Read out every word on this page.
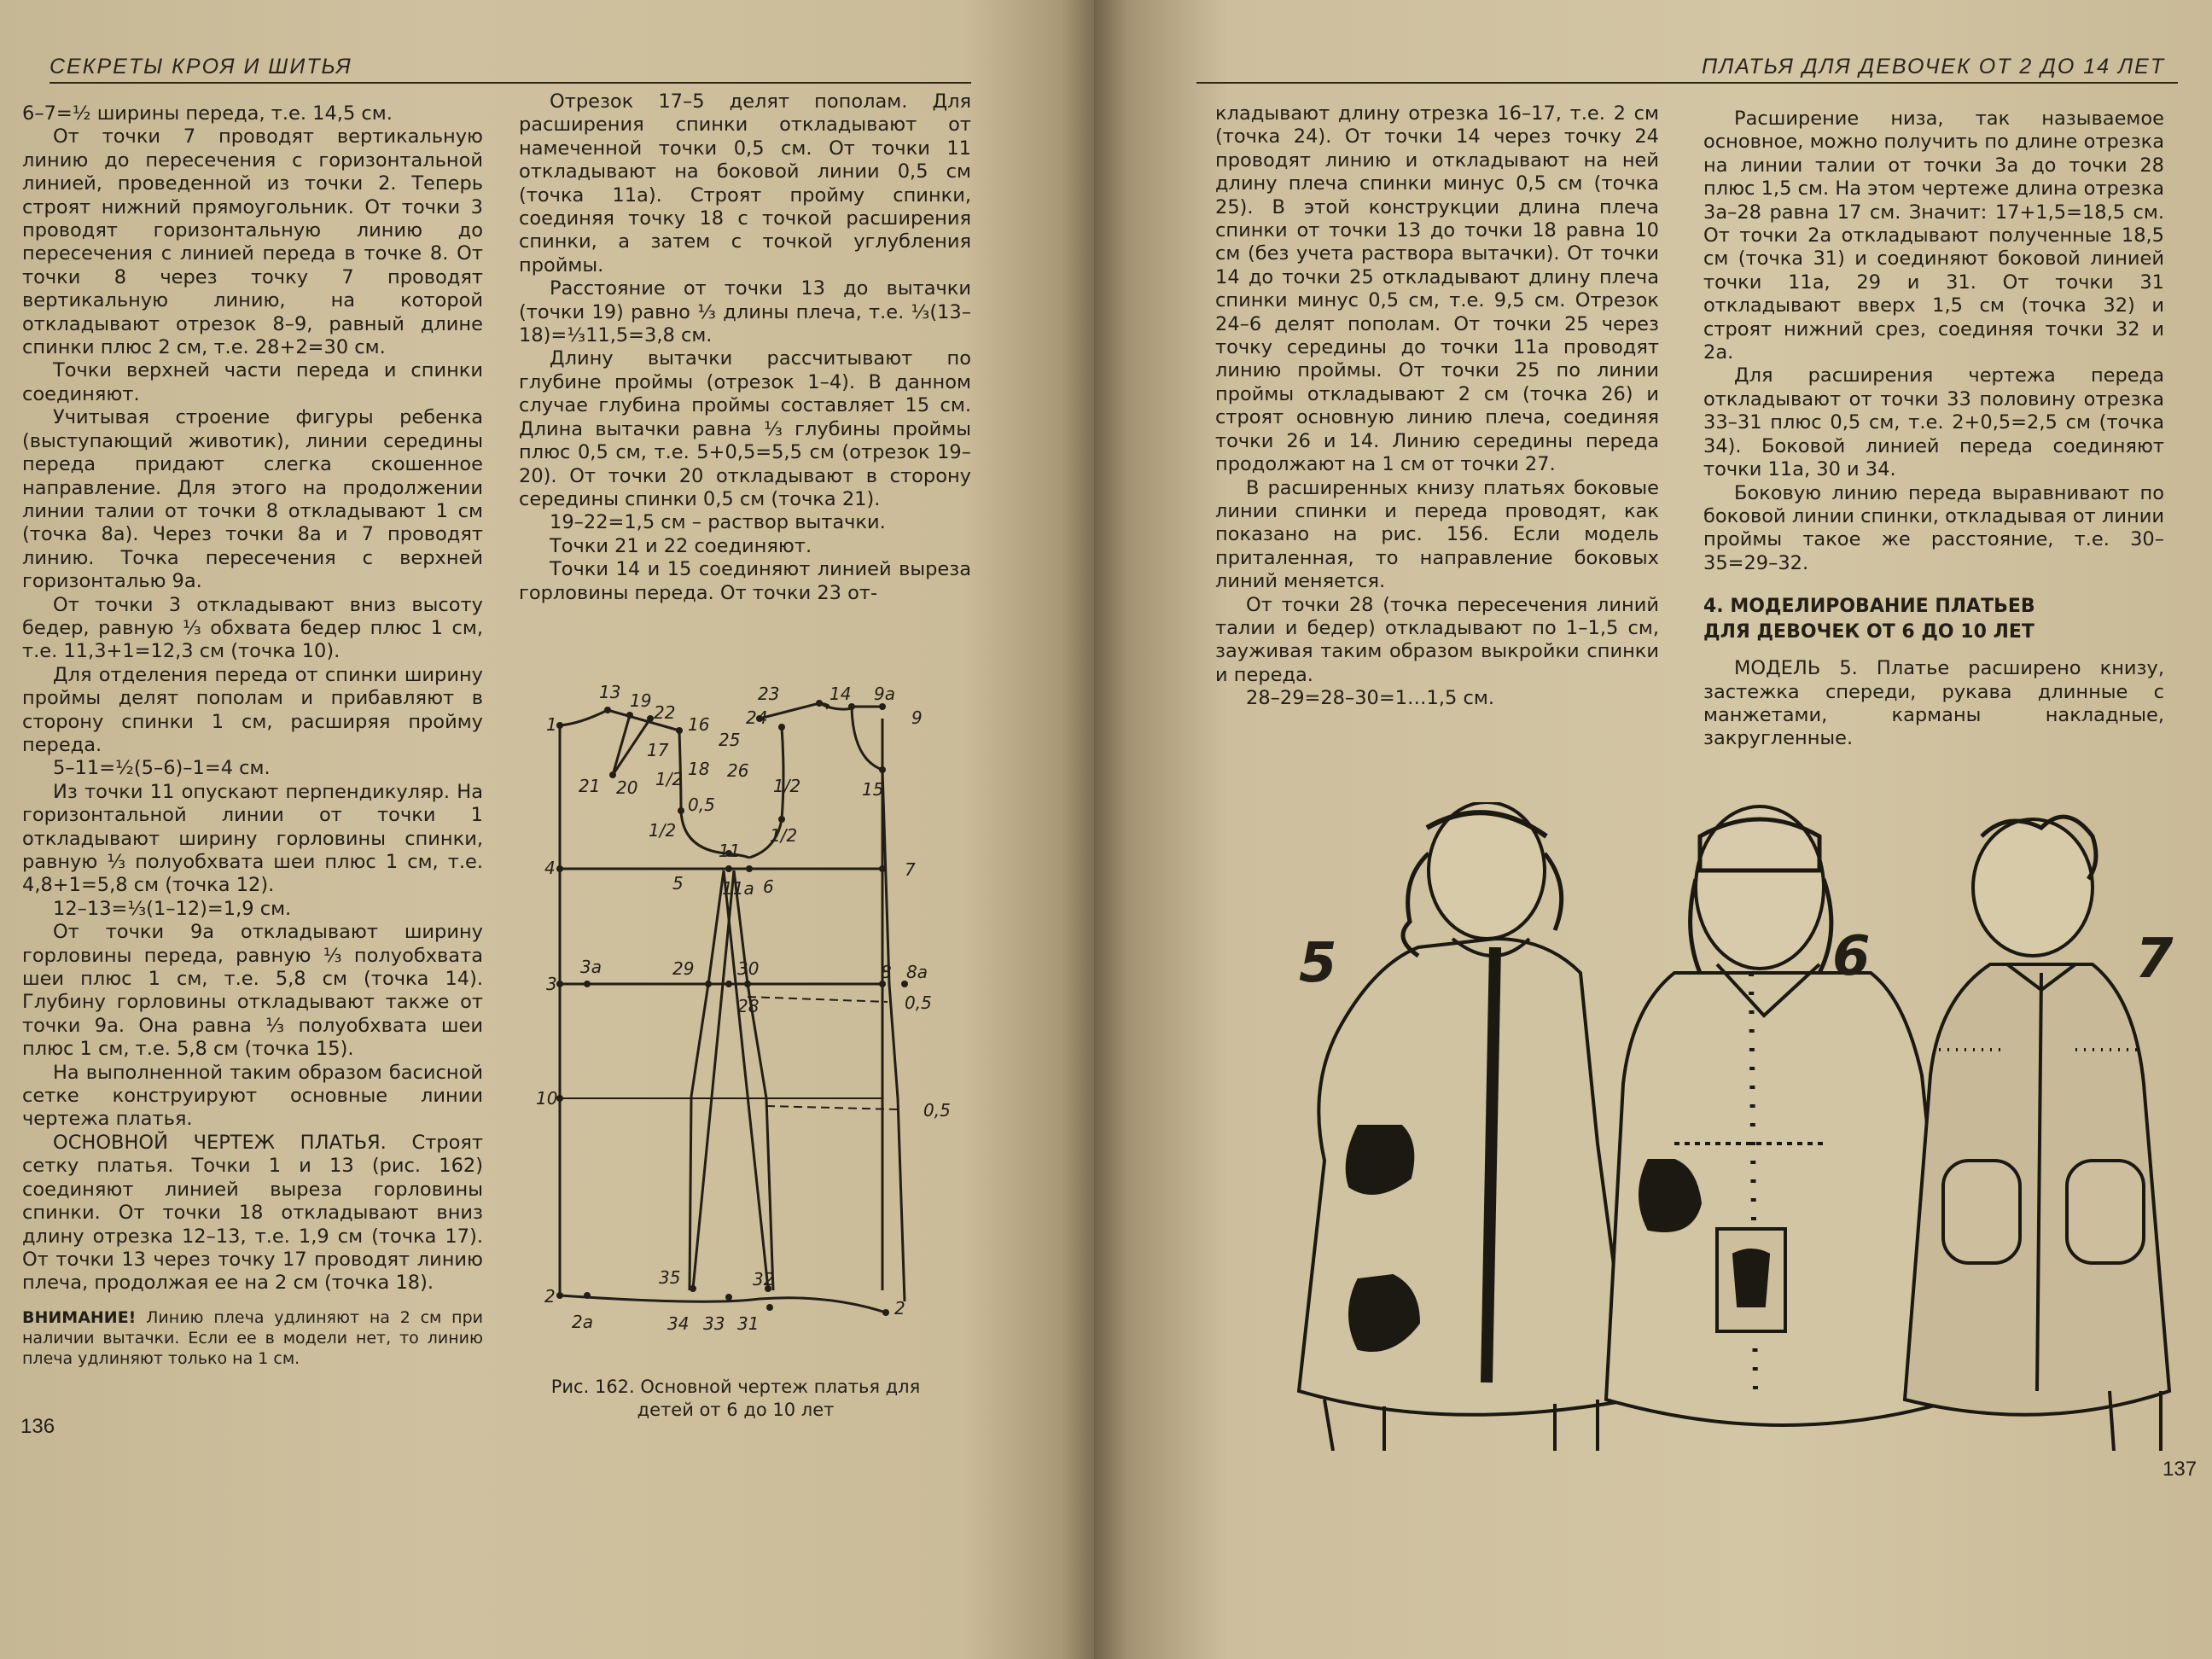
СЕКРЕТЫ КРОЯ И ШИТЬЯ

6–7=½ ширины переда, т.е. 14,5 см.

От точки 7 проводят вертикальную линию до пересечения с горизонтальной линией, проведенной из точки 2. Теперь строят нижний прямоугольник. От точки 3 проводят горизонтальную линию до пересечения с линией переда в точке 8. От точки 8 через точку 7 проводят вертикальную линию, на которой откладывают отрезок 8–9, равный длине спинки плюс 2 см, т.е. 28+2=30 см.

Точки верхней части переда и спинки соединяют.

Учитывая строение фигуры ребенка (выступающий животик), линии середины переда придают слегка скошенное направление. Для этого на продолжении линии талии от точки 8 откладывают 1 см (точка 8а). Через точки 8а и 7 проводят линию. Точка пересечения с верхней горизонталью 9а.

От точки 3 откладывают вниз высоту бедер, равную ⅓ обхвата бедер плюс 1 см, т.е. 11,3+1=12,3 см (точка 10).

Для отделения переда от спинки ширину проймы делят пополам и прибавляют в сторону спинки 1 см, расширяя пройму переда.

5–11=½(5–6)–1=4 см.

Из точки 11 опускают перпендикуляр. На горизонтальной линии от точки 1 откладывают ширину горловины спинки, равную ⅓ полуобхвата шеи плюс 1 см, т.е. 4,8+1=5,8 см (точка 12).

12–13=⅓(1–12)=1,9 см.

От точки 9а откладывают ширину горловины переда, равную ⅓ полуобхвата шеи плюс 1 см, т.е. 5,8 см (точка 14). Глубину горловины откладывают также от точки 9а. Она равна ⅓ полуобхвата шеи плюс 1 см, т.е. 5,8 см (точка 15).

На выполненной таким образом басисной сетке конструируют основные линии чертежа платья.

ОСНОВНОЙ ЧЕРТЕЖ ПЛАТЬЯ. Строят сетку платья. Точки 1 и 13 (рис. 162) соединяют линией выреза горловины спинки. От точки 18 откладывают вниз длину отрезка 12–13, т.е. 1,9 см (точка 17). От точки 13 через точку 17 проводят линию плеча, продолжая ее на 2 см (точка 18).

ВНИМАНИЕ! Линию плеча удлиняют на 2 см при наличии вытачки. Если ее в модели нет, то линию плеча удлиняют только на 1 см.

Отрезок 17–5 делят пополам. Для расширения спинки откладывают от намеченной точки 0,5 см. От точки 11 откладывают на боковой линии 0,5 см (точка 11а). Строят пройму спинки, соединяя точку 18 с точкой расширения спинки, а затем с точкой углубления проймы.

Расстояние от точки 13 до вытачки (точки 19) равно ⅓ длины плеча, т.е. ⅓(13–18)=⅓11,5=3,8 см.

Длину вытачки рассчитывают по глубине проймы (отрезок 1–4). В данном случае глубина проймы составляет 15 см. Длина вытачки равна ⅓ глубины проймы плюс 0,5 см, т.е. 5+0,5=5,5 см (отрезок 19–20). От точки 20 откладывают в сторону середины спинки 0,5 см (точка 21).

19–22=1,5 см – раствор вытачки.

Точки 21 и 22 соединяют.

Точки 14 и 15 соединяют линией выреза горловины переда. От точки 23 от-

1
13 19
22
16
17
18
21 20 1/2
0,5
1/2
23
24
25
26
14 9а
9
15
1/2
1/2
4
5
11
11а 6
7
3
3а	29	30
28
8 8а
0,5
10
0,5
2
2а
35	32
34 33 31
2
Рис. 162. Основной чертеж платья для детей от 6 до 10 лет
136
ПЛАТЬЯ ДЛЯ ДЕВОЧЕК ОТ 2 ДО 14 ЛЕТ

кладывают длину отрезка 16–17, т.е. 2 см (точка 24). От точки 14 через точку 24 проводят линию и откладывают на ней длину плеча спинки минус 0,5 см (точка 25). В этой конструкции длина плеча спинки от точки 13 до точки 18 равна 10 см (без учета раствора вытачки). От точки 14 до точки 25 откладывают длину плеча спинки минус 0,5 см, т.е. 9,5 см. Отрезок 24–6 делят пополам. От точки 25 через точку середины до точки 11а проводят линию проймы. От точки 25 по линии проймы откладывают 2 см (точка 26) и строят основную линию плеча, соединяя точки 26 и 14. Линию середины переда продолжают на 1 см от точки 27.

В расширенных книзу платьях боковые линии спинки и переда проводят, как показано на рис. 156. Если модель приталенная, то направление боковых линий меняется.

От точки 28 (точка пересечения линий талии и бедер) откладывают по 1–1,5 см, зауживая таким образом выкройки спинки и переда.

28–29=28–30=1…1,5 см.

Расширение низа, так называемое основное, можно получить по длине отрезка на линии талии от точки 3а до точки 28 плюс 1,5 см. На этом чертеже длина отрезка 3а–28 равна 17 см. Значит: 17+1,5=18,5 см. От точки 2а откладывают полученные 18,5 см (точка 31) и соединяют боковой линией точки 11а, 29 и 31. От точки 31 откладывают вверх 1,5 см (точка 32) и строят нижний срез, соединяя точки 32 и 2а.

Для расширения чертежа переда откладывают от точки 33 половину отрезка 33–31 плюс 0,5 см, т.е. 2+0,5=2,5 см (точка 34). Боковой линией переда соединяют точки 11а, 30 и 34.

Боковую линию переда выравнивают по боковой линии спинки, откладывая от линии проймы такое же расстояние, т.е. 30–35=29–32.

4. МОДЕЛИРОВАНИЕ ПЛАТЬЕВ
ДЛЯ ДЕВОЧЕК ОТ 6 ДО 10 ЛЕТ

МОДЕЛЬ 5. Платье расширено книзу, застежка спереди, рукава длинные с манжетами, карманы накладные, закругленные.

5	6	7
137
